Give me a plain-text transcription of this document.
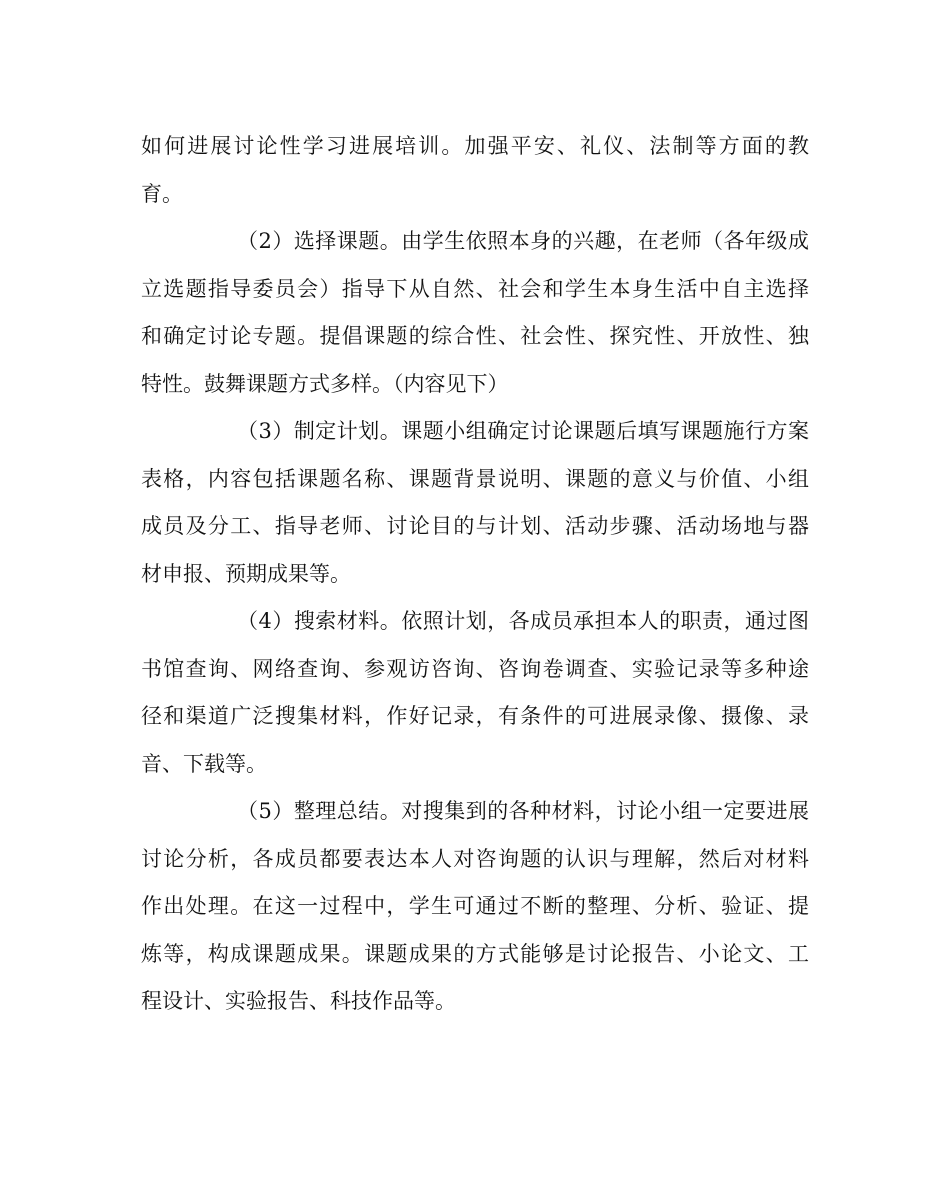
如何进展讨论性学习进展培训。加强平安、礼仪、法制等方面的教
育。
（2）选择课题。由学生依照本身的兴趣，在老师（各年级成
立选题指导委员会）指导下从自然、社会和学生本身生活中自主选择
和确定讨论专题。提倡课题的综合性、社会性、探究性、开放性、独
特性。鼓舞课题方式多样。（内容见下）
（3）制定计划。课题小组确定讨论课题后填写课题施行方案
表格，内容包括课题名称、课题背景说明、课题的意义与价值、小组
成员及分工、指导老师、讨论目的与计划、活动步骤、活动场地与器
材申报、预期成果等。
（4）搜索材料。依照计划，各成员承担本人的职责，通过图
书馆查询、网络查询、参观访咨询、咨询卷调查、实验记录等多种途
径和渠道广泛搜集材料，作好记录，有条件的可进展录像、摄像、录
音、下载等。
（5）整理总结。对搜集到的各种材料，讨论小组一定要进展
讨论分析，各成员都要表达本人对咨询题的认识与理解，然后对材料
作出处理。在这一过程中，学生可通过不断的整理、分析、验证、提
炼等，构成课题成果。课题成果的方式能够是讨论报告、小论文、工
程设计、实验报告、科技作品等。
